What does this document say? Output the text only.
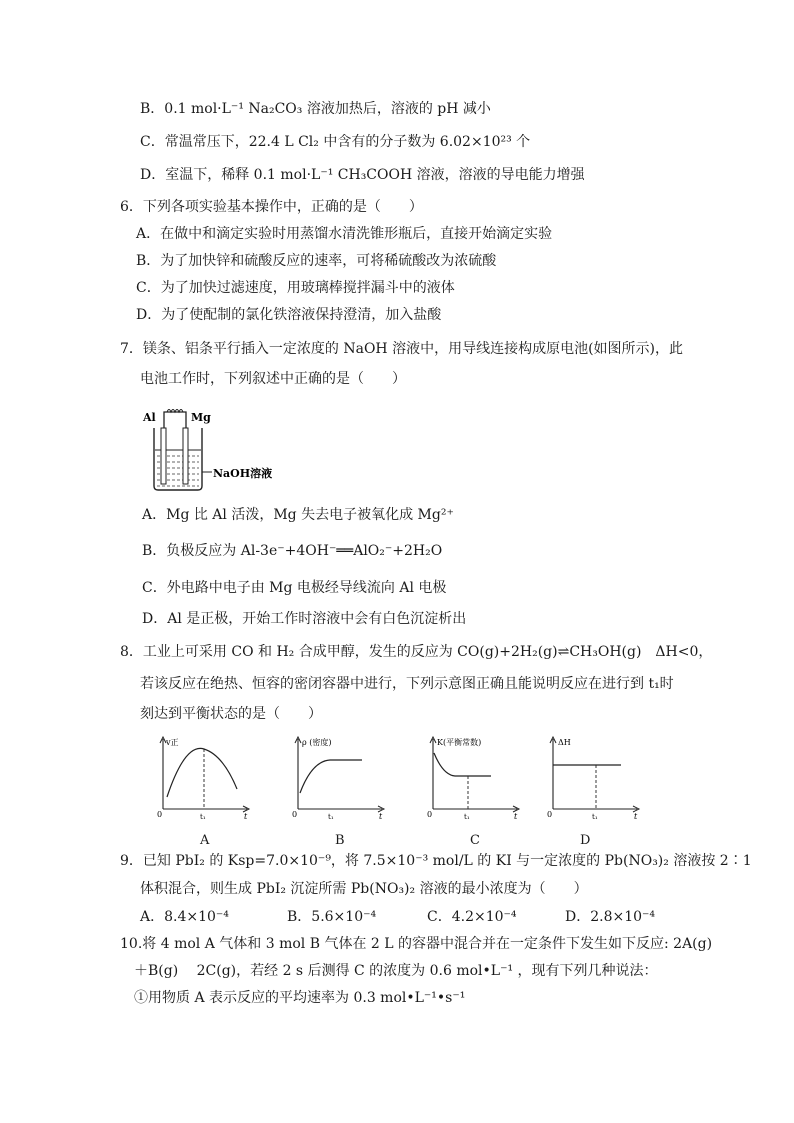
B．0.1 mol·L⁻¹ Na₂CO₃ 溶液加热后，溶液的 pH 减小
C．常温常压下，22.4 L Cl₂ 中含有的分子数为 6.02×10²³ 个
D．室温下，稀释 0.1 mol·L⁻¹ CH₃COOH 溶液，溶液的导电能力增强
6．下列各项实验基本操作中，正确的是（　　）
A．在做中和滴定实验时用蒸馏水清洗锥形瓶后，直接开始滴定实验
B．为了加快锌和硫酸反应的速率，可将稀硫酸改为浓硫酸
C．为了加快过滤速度，用玻璃棒搅拌漏斗中的液体
D．为了使配制的氯化铁溶液保持澄清，加入盐酸
7．镁条、铝条平行插入一定浓度的 NaOH 溶液中，用导线连接构成原电池(如图所示)，此
电池工作时，下列叙述中正确的是（　　）
Al	Mg
NaOH溶液
A．Mg 比 Al 活泼，Mg 失去电子被氧化成 Mg²⁺
B．负极反应为 Al-3e⁻+4OH⁻══AlO₂⁻+2H₂O
C．外电路中电子由 Mg 电极经导线流向 Al 电极
D．Al 是正极，开始工作时溶液中会有白色沉淀析出
8．工业上可采用 CO 和 H₂ 合成甲醇，发生的反应为 CO(g)+2H₂(g)⇌CH₃OH(g)　ΔH<0，
若该反应在绝热、恒容的密闭容器中进行，下列示意图正确且能说明反应在进行到 t₁时
刻达到平衡状态的是（　　）
v正
0	t
t₁
A
ρ (密度)
0	t
t₁
B
K(平衡常数)
0	t
t₁
C
ΔH
0	t
t₁
D
9．已知 PbI₂ 的 Ksp=7.0×10⁻⁹，将 7.5×10⁻³ mol/L 的 KI 与一定浓度的 Pb(NO₃)₂ 溶液按 2∶1
体积混合，则生成 PbI₂ 沉淀所需 Pb(NO₃)₂ 溶液的最小浓度为（　　）
A．8.4×10⁻⁴	B．5.6×10⁻⁴	C．4.2×10⁻⁴	D．2.8×10⁻⁴
10.将 4 mol A 气体和 3 mol B 气体在 2 L 的容器中混合并在一定条件下发生如下反应: 2A(g)
＋B(g)　 2C(g)，若经 2 s 后测得 C 的浓度为 0.6 mol•L⁻¹ ，现有下列几种说法：
①用物质 A 表示反应的平均速率为 0.3 mol•L⁻¹•s⁻¹
